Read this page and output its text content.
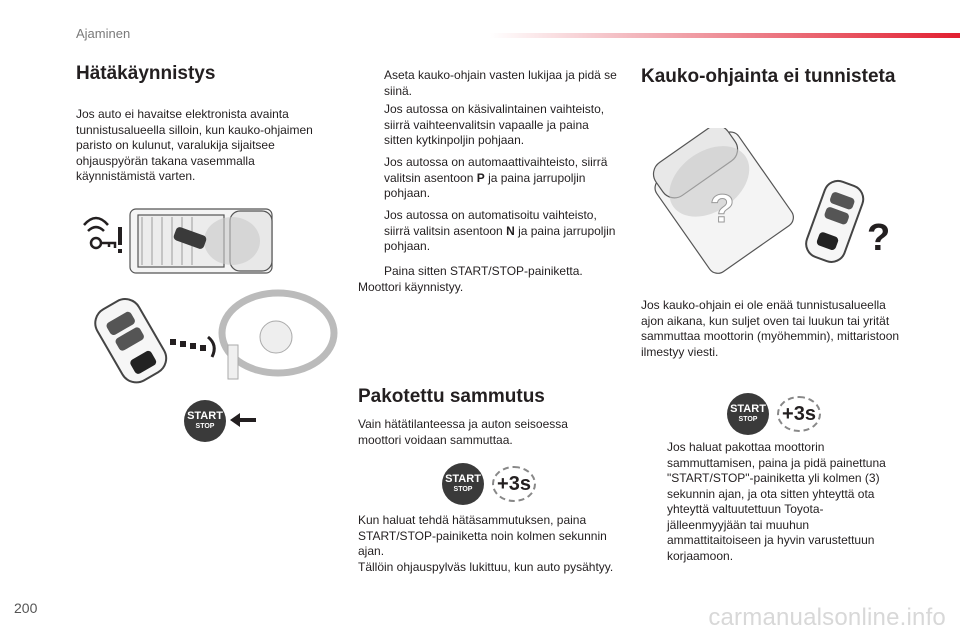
Ajaminen
Hätäkäynnistys

Jos auto ei havaitse elektronista avainta tunnistusalueella silloin, kun kauko-ohjaimen paristo on kulunut, varalukija sijaitsee ohjauspyörän takana vasemmalla käynnistämistä varten.

START
STOP
Aseta kauko-ohjain vasten lukijaa ja pidä se siinä.
Jos autossa on käsivalintainen vaihteisto, siirrä vaihteenvalitsin vapaalle ja paina sitten kytkinpoljin pohjaan.
Jos autossa on automaattivaihteisto, siirrä valitsin asentoon P ja paina jarrupoljin pohjaan.
Jos autossa on automatisoitu vaihteisto, siirrä valitsin asentoon N ja paina jarrupoljin pohjaan.
Paina sitten START/STOP-painiketta.

Moottori käynnistyy.

Pakotettu sammutus

Vain hätätilanteessa ja auton seisoessa moottori voidaan sammuttaa.

START
STOP	+3s

Kun haluat tehdä hätäsammutuksen, paina START/STOP-painiketta noin kolmen sekunnin ajan.

Tällöin ohjauspylväs lukittuu, kun auto pysähtyy.

Kauko-ohjainta ei tunnisteta
?
?

Jos kauko-ohjain ei ole enää tunnistusalueella ajon aikana, kun suljet oven tai luukun tai yrität sammuttaa moottorin (myöhemmin), mittaristoon ilmestyy viesti.

START
STOP	+3s
Jos haluat pakottaa moottorin sammuttamisen, paina ja pidä painettuna "START/STOP"-painiketta yli kolmen (3) sekunnin ajan, ja ota sitten yhteyttä ota yhteyttä valtuutettuun Toyota-jälleenmyyjään tai muuhun ammattitaitoiseen ja hyvin varustettuun korjaamoon.
200	carmanualsonline.info
